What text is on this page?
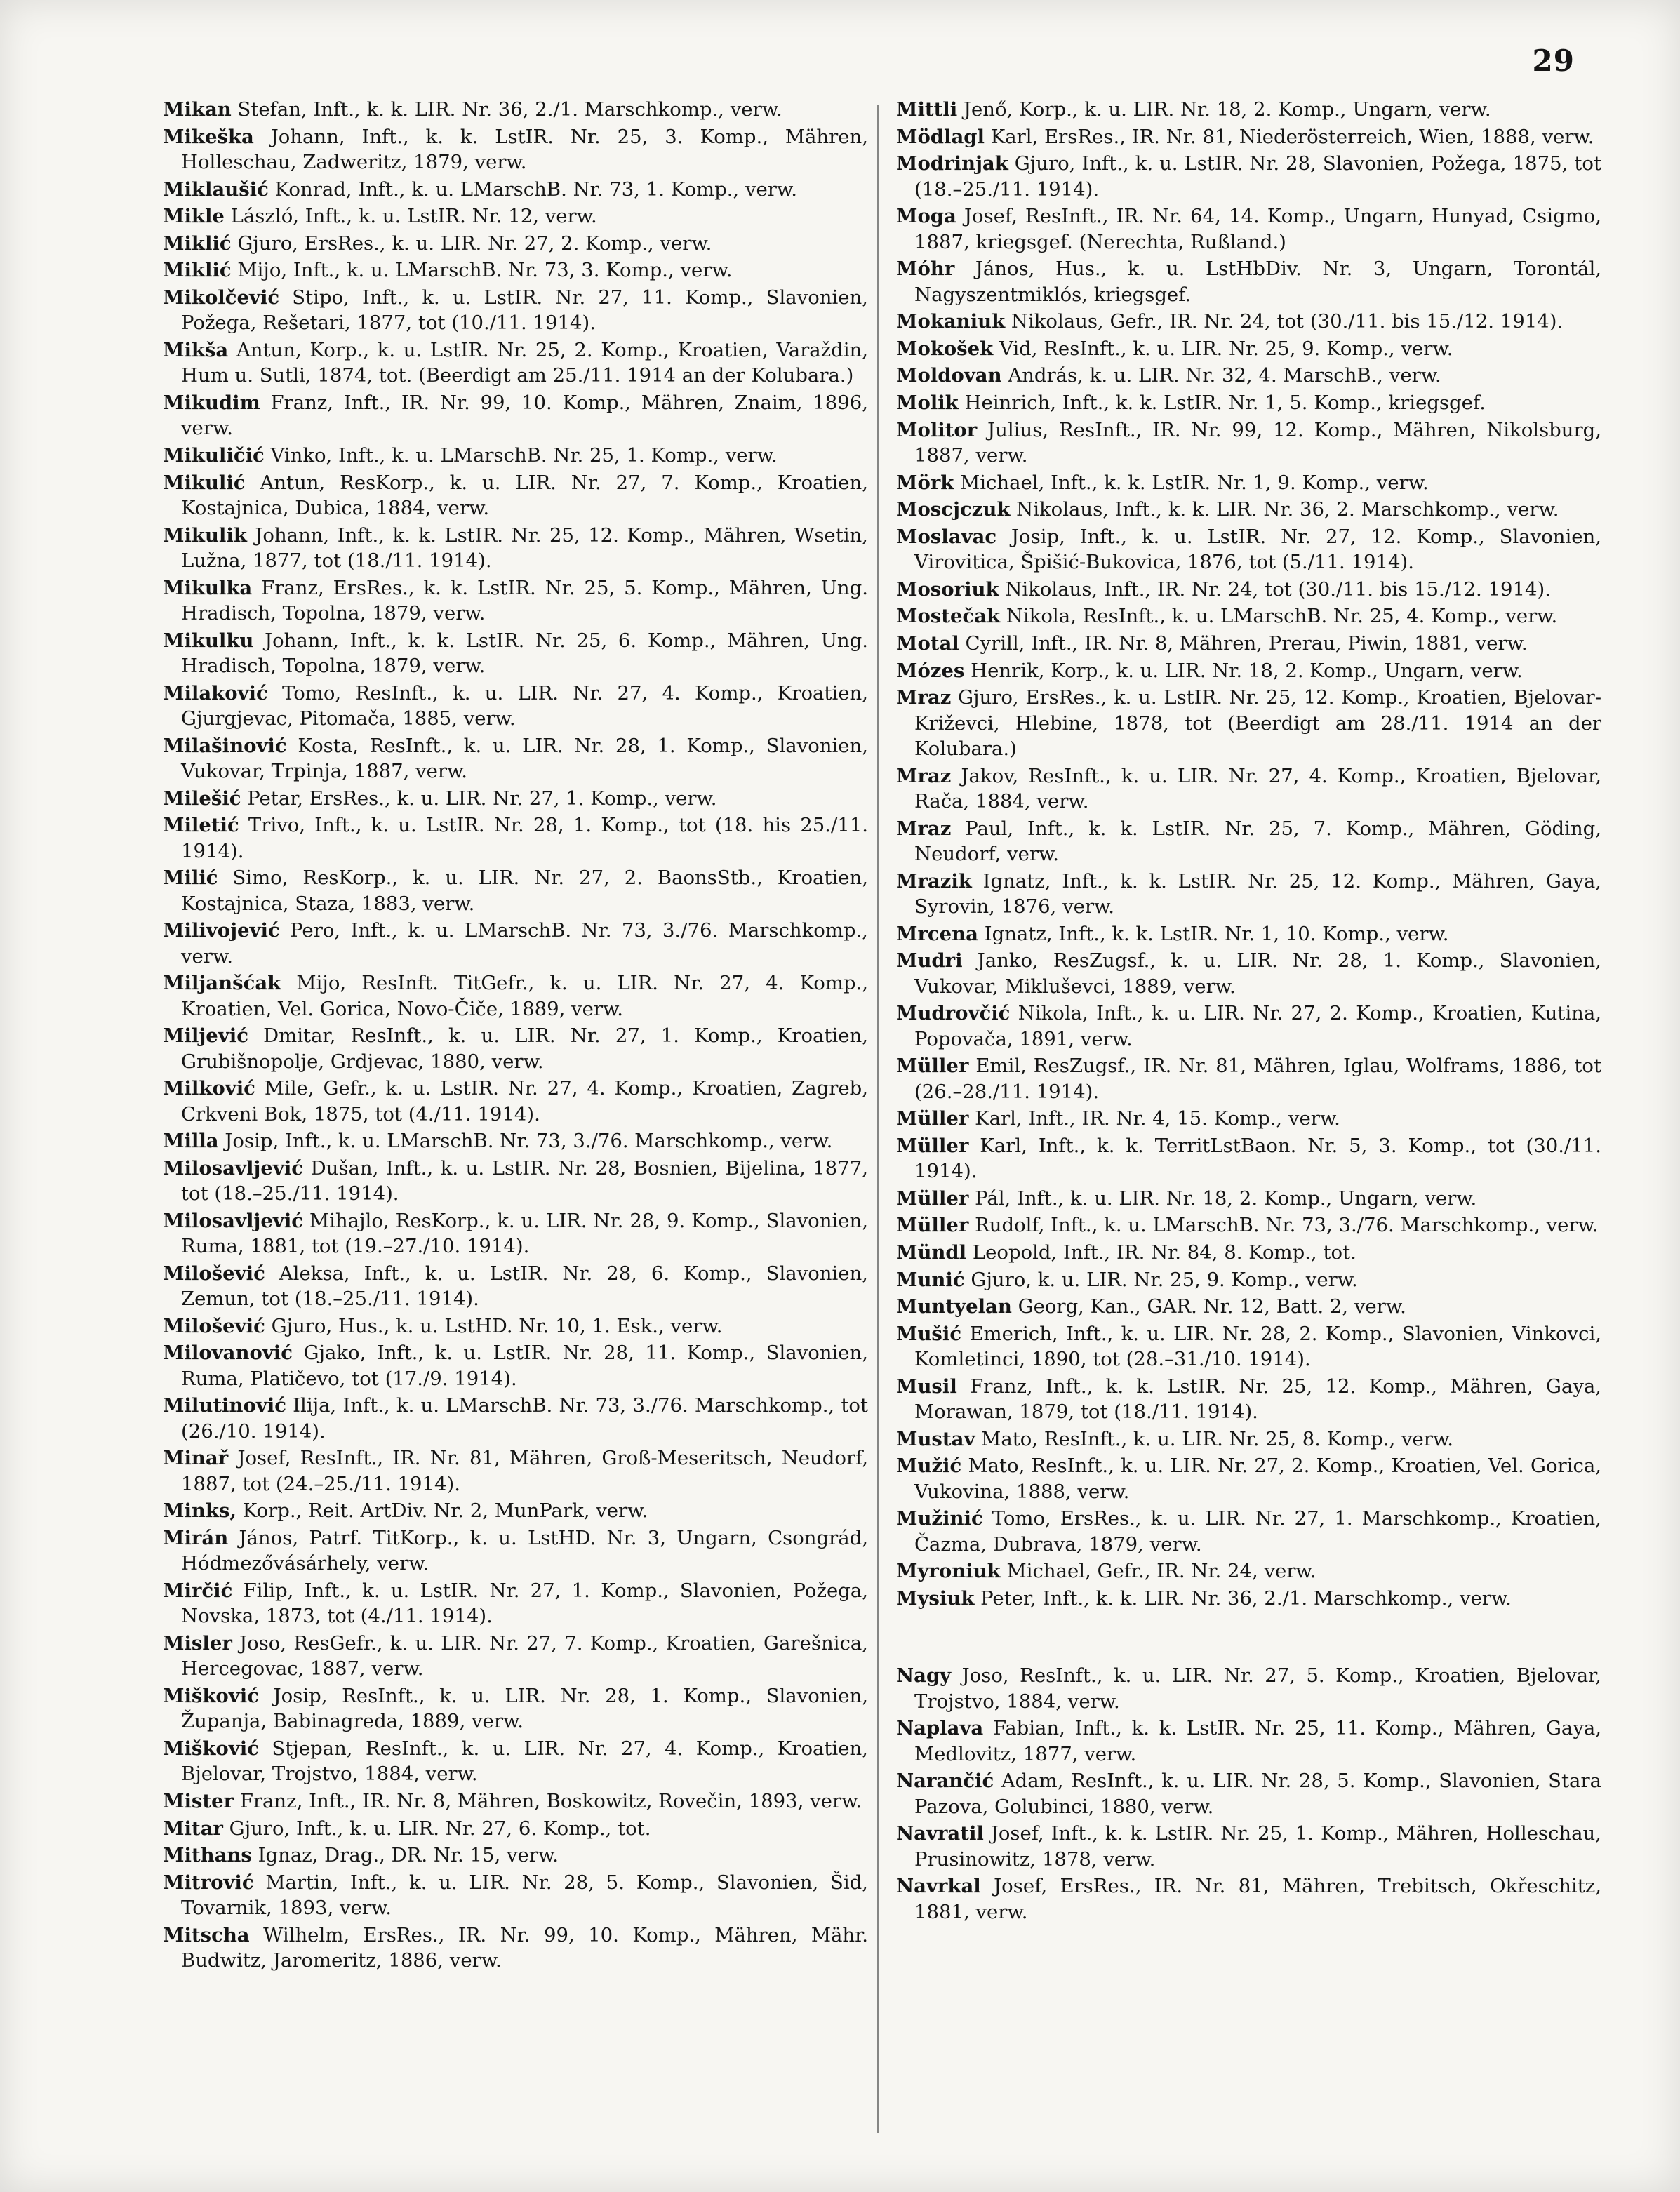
29

Mikan Stefan, Inft., k. k. LIR. Nr. 36, 2./1. Marschkomp., verw.

Mikeška Johann, Inft., k. k. LstIR. Nr. 25, 3. Komp., Mähren, Holleschau, Zadweritz, 1879, verw.

Miklaušić Konrad, Inft., k. u. LMarschB. Nr. 73, 1. Komp., verw.

Mikle László, Inft., k. u. LstIR. Nr. 12, verw.

Miklić Gjuro, ErsRes., k. u. LIR. Nr. 27, 2. Komp., verw.

Miklić Mijo, Inft., k. u. LMarschB. Nr. 73, 3. Komp., verw.

Mikolčević Stipo, Inft., k. u. LstIR. Nr. 27, 11. Komp., Slavonien, Požega, Rešetari, 1877, tot (10./11. 1914).

Mikša Antun, Korp., k. u. LstIR. Nr. 25, 2. Komp., Kroatien, Varaždin, Hum u. Sutli, 1874, tot. (Beerdigt am 25./11. 1914 an der Kolubara.)

Mikudim Franz, Inft., IR. Nr. 99, 10. Komp., Mähren, Znaim, 1896, verw.

Mikuličić Vinko, Inft., k. u. LMarschB. Nr. 25, 1. Komp., verw.

Mikulić Antun, ResKorp., k. u. LIR. Nr. 27, 7. Komp., Kroatien, Kostajnica, Dubica, 1884, verw.

Mikulik Johann, Inft., k. k. LstIR. Nr. 25, 12. Komp., Mähren, Wsetin, Lužna, 1877, tot (18./11. 1914).

Mikulka Franz, ErsRes., k. k. LstIR. Nr. 25, 5. Komp., Mähren, Ung. Hradisch, Topolna, 1879, verw.

Mikulku Johann, Inft., k. k. LstIR. Nr. 25, 6. Komp., Mähren, Ung. Hradisch, Topolna, 1879, verw.

Milaković Tomo, ResInft., k. u. LIR. Nr. 27, 4. Komp., Kroatien, Gjurgjevac, Pitomača, 1885, verw.

Milašinović Kosta, ResInft., k. u. LIR. Nr. 28, 1. Komp., Slavonien, Vukovar, Trpinja, 1887, verw.

Milešić Petar, ErsRes., k. u. LIR. Nr. 27, 1. Komp., verw.

Miletić Trivo, Inft., k. u. LstIR. Nr. 28, 1. Komp., tot (18. his 25./11. 1914).

Milić Simo, ResKorp., k. u. LIR. Nr. 27, 2. BaonsStb., Kroatien, Kostajnica, Staza, 1883, verw.

Milivojević Pero, Inft., k. u. LMarschB. Nr. 73, 3./76. Marschkomp., verw.

Miljanšćak Mijo, ResInft. TitGefr., k. u. LIR. Nr. 27, 4. Komp., Kroatien, Vel. Gorica, Novo-Čiče, 1889, verw.

Miljević Dmitar, ResInft., k. u. LIR. Nr. 27, 1. Komp., Kroatien, Grubišnopolje, Grdjevac, 1880, verw.

Milković Mile, Gefr., k. u. LstIR. Nr. 27, 4. Komp., Kroatien, Zagreb, Crkveni Bok, 1875, tot (4./11. 1914).

Milla Josip, Inft., k. u. LMarschB. Nr. 73, 3./76. Marschkomp., verw.

Milosavljević Dušan, Inft., k. u. LstIR. Nr. 28, Bosnien, Bijelina, 1877, tot (18.–25./11. 1914).

Milosavljević Mihajlo, ResKorp., k. u. LIR. Nr. 28, 9. Komp., Slavonien, Ruma, 1881, tot (19.–27./10. 1914).

Milošević Aleksa, Inft., k. u. LstIR. Nr. 28, 6. Komp., Slavonien, Zemun, tot (18.–25./11. 1914).

Milošević Gjuro, Hus., k. u. LstHD. Nr. 10, 1. Esk., verw.

Milovanović Gjako, Inft., k. u. LstIR. Nr. 28, 11. Komp., Slavonien, Ruma, Platičevo, tot (17./9. 1914).

Milutinović Ilija, Inft., k. u. LMarschB. Nr. 73, 3./76. Marschkomp., tot (26./10. 1914).

Minař Josef, ResInft., IR. Nr. 81, Mähren, Groß-Meseritsch, Neudorf, 1887, tot (24.–25./11. 1914).

Minks, Korp., Reit. ArtDiv. Nr. 2, MunPark, verw.

Mirán János, Patrf. TitKorp., k. u. LstHD. Nr. 3, Ungarn, Csongrád, Hódmezővásárhely, verw.

Mirčić Filip, Inft., k. u. LstIR. Nr. 27, 1. Komp., Slavonien, Požega, Novska, 1873, tot (4./11. 1914).

Misler Joso, ResGefr., k. u. LIR. Nr. 27, 7. Komp., Kroatien, Garešnica, Hercegovac, 1887, verw.

Mišković Josip, ResInft., k. u. LIR. Nr. 28, 1. Komp., Slavonien, Županja, Babinagreda, 1889, verw.

Mišković Stjepan, ResInft., k. u. LIR. Nr. 27, 4. Komp., Kroatien, Bjelovar, Trojstvo, 1884, verw.

Mister Franz, Inft., IR. Nr. 8, Mähren, Boskowitz, Rovečin, 1893, verw.

Mitar Gjuro, Inft., k. u. LIR. Nr. 27, 6. Komp., tot.

Mithans Ignaz, Drag., DR. Nr. 15, verw.

Mitrović Martin, Inft., k. u. LIR. Nr. 28, 5. Komp., Slavonien, Šid, Tovarnik, 1893, verw.

Mitscha Wilhelm, ErsRes., IR. Nr. 99, 10. Komp., Mähren, Mähr. Budwitz, Jaromeritz, 1886, verw.

Mittli Jenő, Korp., k. u. LIR. Nr. 18, 2. Komp., Ungarn, verw.

Mödlagl Karl, ErsRes., IR. Nr. 81, Niederösterreich, Wien, 1888, verw.

Modrinjak Gjuro, Inft., k. u. LstIR. Nr. 28, Slavonien, Požega, 1875, tot (18.–25./11. 1914).

Moga Josef, ResInft., IR. Nr. 64, 14. Komp., Ungarn, Hunyad, Csigmo, 1887, kriegsgef. (Nerechta, Rußland.)

Móhr János, Hus., k. u. LstHbDiv. Nr. 3, Ungarn, Torontál, Nagyszentmiklós, kriegsgef.

Mokaniuk Nikolaus, Gefr., IR. Nr. 24, tot (30./11. bis 15./12. 1914).

Mokošek Vid, ResInft., k. u. LIR. Nr. 25, 9. Komp., verw.

Moldovan András, k. u. LIR. Nr. 32, 4. MarschB., verw.

Molik Heinrich, Inft., k. k. LstIR. Nr. 1, 5. Komp., kriegsgef.

Molitor Julius, ResInft., IR. Nr. 99, 12. Komp., Mähren, Nikolsburg, 1887, verw.

Mörk Michael, Inft., k. k. LstIR. Nr. 1, 9. Komp., verw.

Moscjczuk Nikolaus, Inft., k. k. LIR. Nr. 36, 2. Marschkomp., verw.

Moslavac Josip, Inft., k. u. LstIR. Nr. 27, 12. Komp., Slavonien, Virovitica, Špišić-Bukovica, 1876, tot (5./11. 1914).

Mosoriuk Nikolaus, Inft., IR. Nr. 24, tot (30./11. bis 15./12. 1914).

Mostečak Nikola, ResInft., k. u. LMarschB. Nr. 25, 4. Komp., verw.

Motal Cyrill, Inft., IR. Nr. 8, Mähren, Prerau, Piwin, 1881, verw.

Mózes Henrik, Korp., k. u. LIR. Nr. 18, 2. Komp., Ungarn, verw.

Mraz Gjuro, ErsRes., k. u. LstIR. Nr. 25, 12. Komp., Kroatien, Bjelovar-Križevci, Hlebine, 1878, tot (Beerdigt am 28./11. 1914 an der Kolubara.)

Mraz Jakov, ResInft., k. u. LIR. Nr. 27, 4. Komp., Kroatien, Bjelovar, Rača, 1884, verw.

Mraz Paul, Inft., k. k. LstIR. Nr. 25, 7. Komp., Mähren, Göding, Neudorf, verw.

Mrazik Ignatz, Inft., k. k. LstIR. Nr. 25, 12. Komp., Mähren, Gaya, Syrovin, 1876, verw.

Mrcena Ignatz, Inft., k. k. LstIR. Nr. 1, 10. Komp., verw.

Mudri Janko, ResZugsf., k. u. LIR. Nr. 28, 1. Komp., Slavonien, Vukovar, Mikluševci, 1889, verw.

Mudrovčić Nikola, Inft., k. u. LIR. Nr. 27, 2. Komp., Kroatien, Kutina, Popovača, 1891, verw.

Müller Emil, ResZugsf., IR. Nr. 81, Mähren, Iglau, Wolframs, 1886, tot (26.–28./11. 1914).

Müller Karl, Inft., IR. Nr. 4, 15. Komp., verw.

Müller Karl, Inft., k. k. TerritLstBaon. Nr. 5, 3. Komp., tot (30./11. 1914).

Müller Pál, Inft., k. u. LIR. Nr. 18, 2. Komp., Ungarn, verw.

Müller Rudolf, Inft., k. u. LMarschB. Nr. 73, 3./76. Marschkomp., verw.

Mündl Leopold, Inft., IR. Nr. 84, 8. Komp., tot.

Munić Gjuro, k. u. LIR. Nr. 25, 9. Komp., verw.

Muntyelan Georg, Kan., GAR. Nr. 12, Batt. 2, verw.

Mušić Emerich, Inft., k. u. LIR. Nr. 28, 2. Komp., Slavonien, Vinkovci, Komletinci, 1890, tot (28.–31./10. 1914).

Musil Franz, Inft., k. k. LstIR. Nr. 25, 12. Komp., Mähren, Gaya, Morawan, 1879, tot (18./11. 1914).

Mustav Mato, ResInft., k. u. LIR. Nr. 25, 8. Komp., verw.

Mužić Mato, ResInft., k. u. LIR. Nr. 27, 2. Komp., Kroatien, Vel. Gorica, Vukovina, 1888, verw.

Mužinić Tomo, ErsRes., k. u. LIR. Nr. 27, 1. Marschkomp., Kroatien, Čazma, Dubrava, 1879, verw.

Myroniuk Michael, Gefr., IR. Nr. 24, verw.

Mysiuk Peter, Inft., k. k. LIR. Nr. 36, 2./1. Marschkomp., verw.

Nagy Joso, ResInft., k. u. LIR. Nr. 27, 5. Komp., Kroatien, Bjelovar, Trojstvo, 1884, verw.

Naplava Fabian, Inft., k. k. LstIR. Nr. 25, 11. Komp., Mähren, Gaya, Medlovitz, 1877, verw.

Narančić Adam, ResInft., k. u. LIR. Nr. 28, 5. Komp., Slavonien, Stara Pazova, Golubinci, 1880, verw.

Navratil Josef, Inft., k. k. LstIR. Nr. 25, 1. Komp., Mähren, Holleschau, Prusinowitz, 1878, verw.

Navrkal Josef, ErsRes., IR. Nr. 81, Mähren, Trebitsch, Okřeschitz, 1881, verw.
